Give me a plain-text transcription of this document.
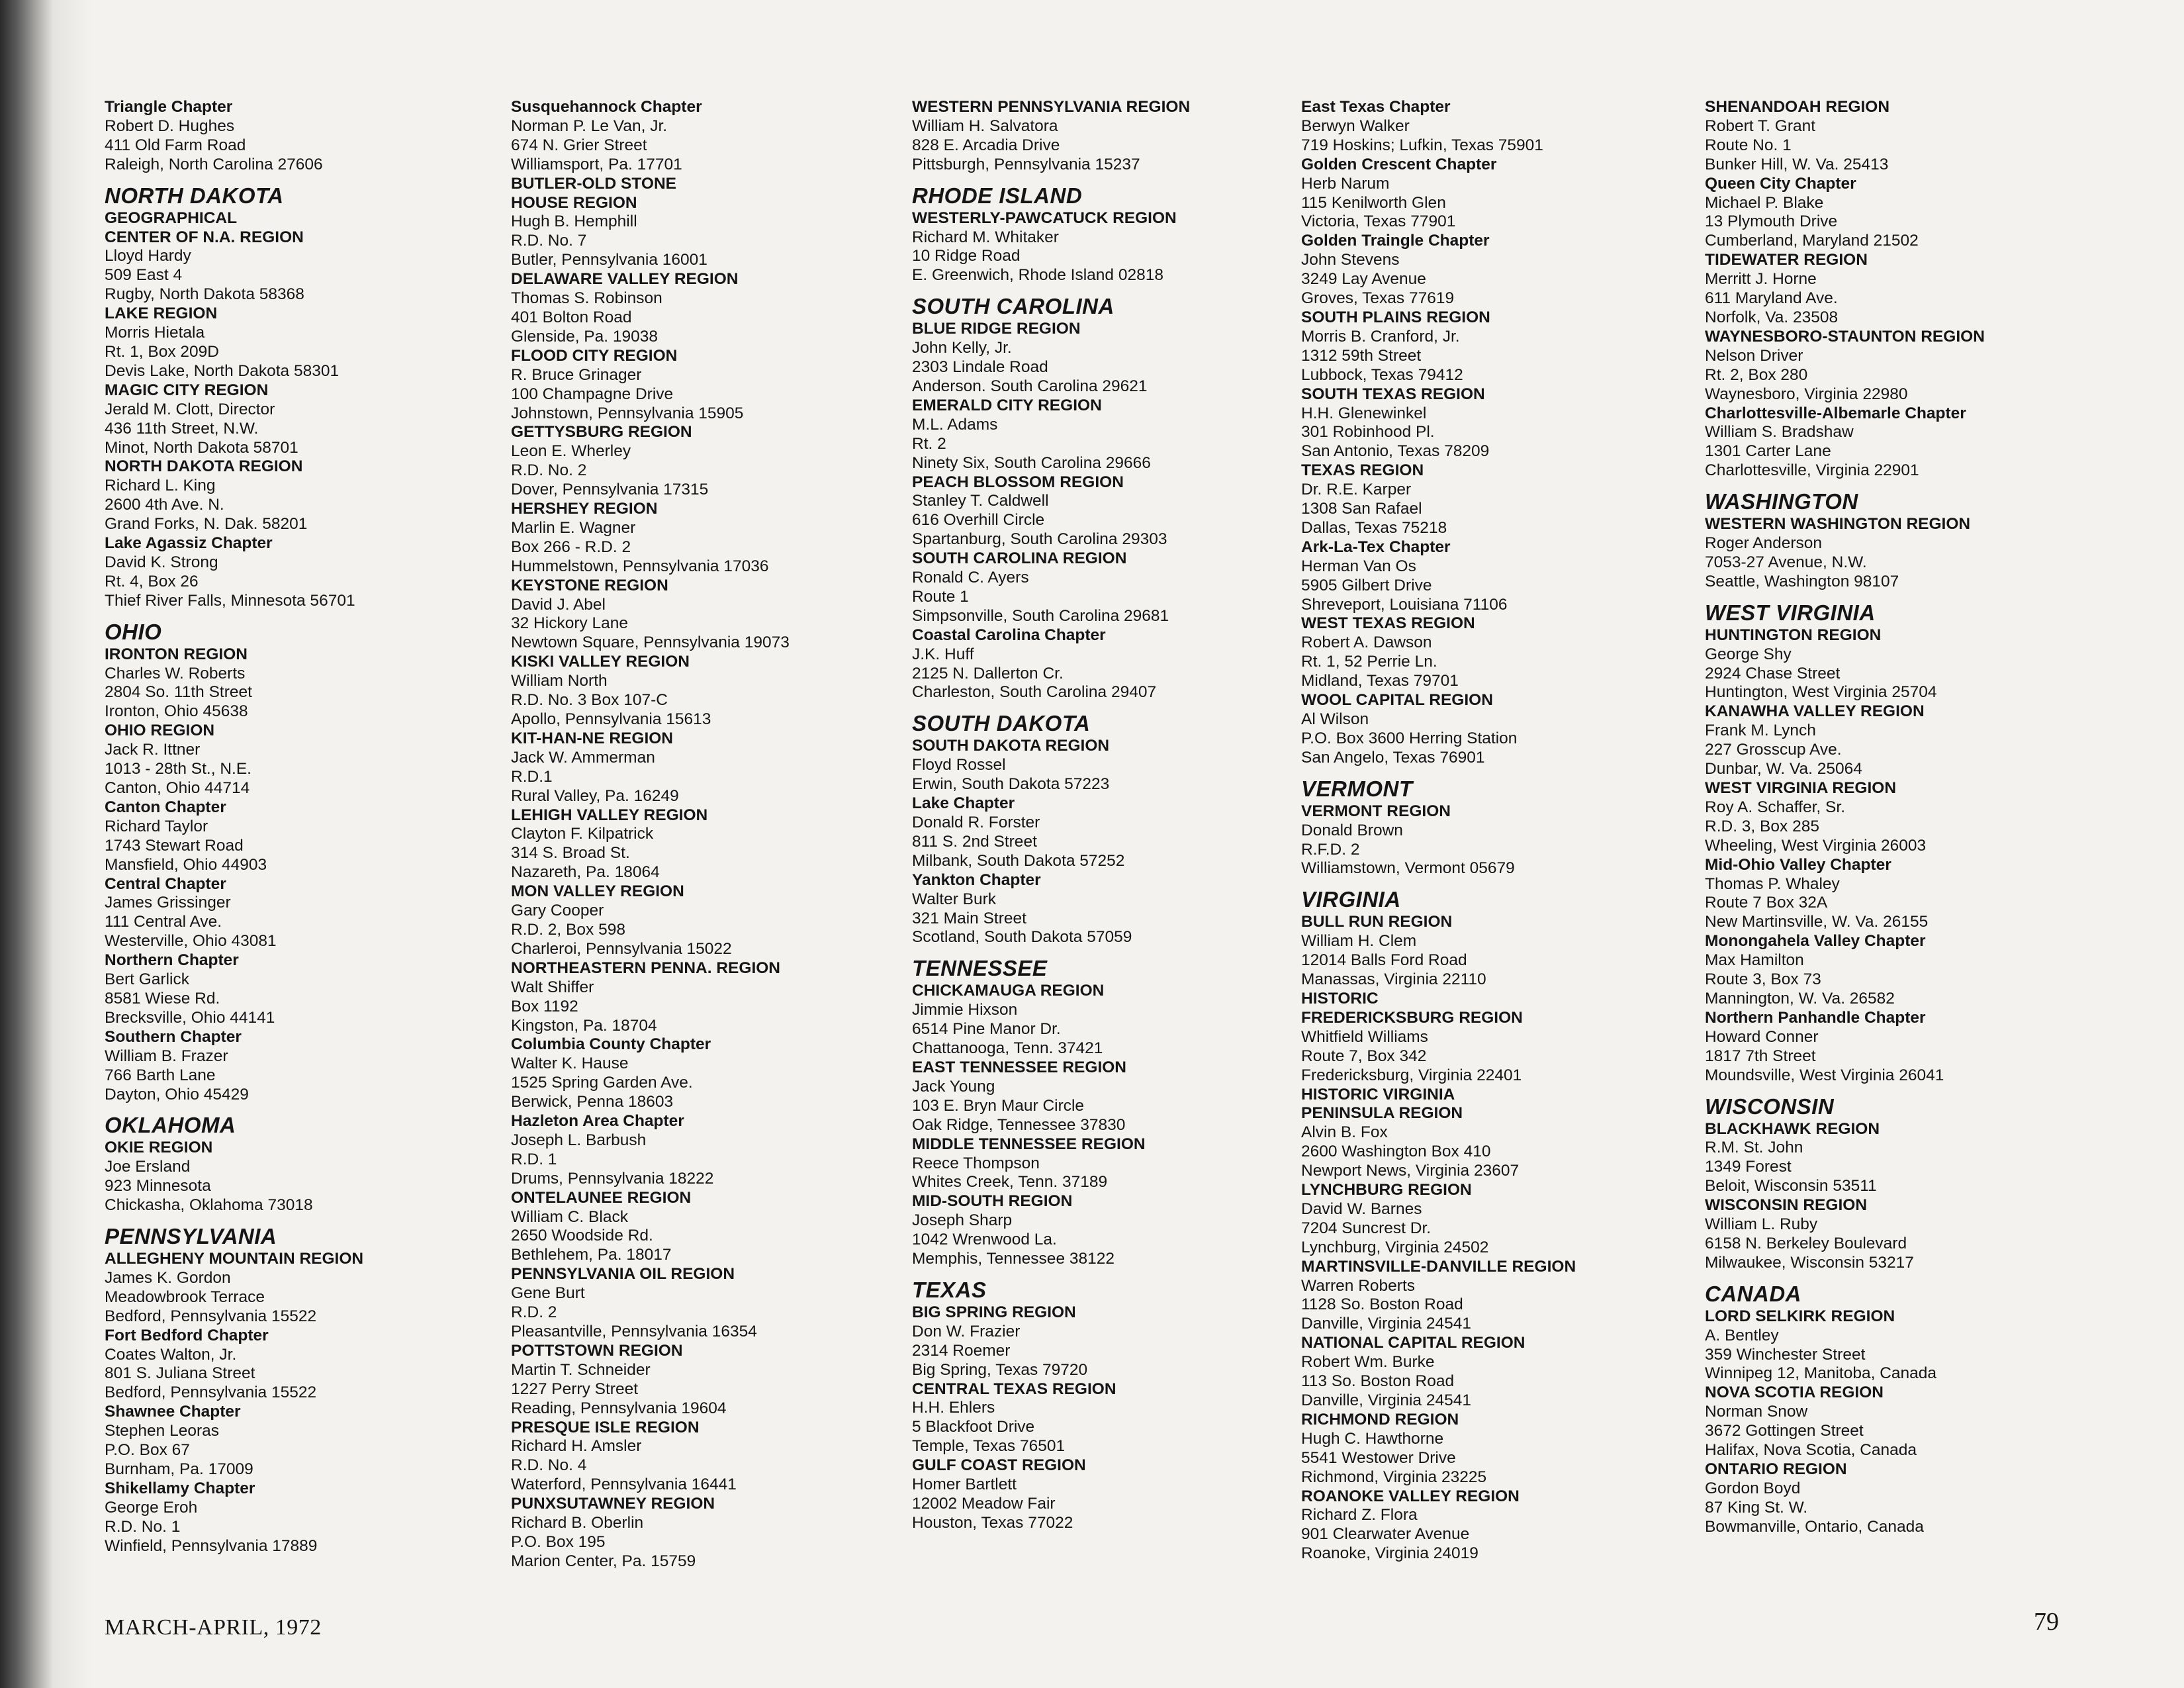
Triangle Chapter
Robert D. Hughes
411 Old Farm Road
Raleigh, North Carolina 27606
NORTH DAKOTA
GEOGRAPHICAL
CENTER OF N.A. REGION
Lloyd Hardy
509 East 4
Rugby, North Dakota 58368
LAKE REGION
Morris Hietala
Rt. 1, Box 209D
Devis Lake, North Dakota 58301
MAGIC CITY REGION
Jerald M. Clott, Director
436 11th Street, N.W.
Minot, North Dakota 58701
NORTH DAKOTA REGION
Richard L. King
2600 4th Ave. N.
Grand Forks, N. Dak. 58201
Lake Agassiz Chapter
David K. Strong
Rt. 4, Box 26
Thief River Falls, Minnesota 56701
OHIO
IRONTON REGION
Charles W. Roberts
2804 So. 11th Street
Ironton, Ohio 45638
OHIO REGION
Jack R. Ittner
1013 - 28th St., N.E.
Canton, Ohio 44714
Canton Chapter
Richard Taylor
1743 Stewart Road
Mansfield, Ohio 44903
Central Chapter
James Grissinger
111 Central Ave.
Westerville, Ohio 43081
Northern Chapter
Bert Garlick
8581 Wiese Rd.
Brecksville, Ohio 44141
Southern Chapter
William B. Frazer
766 Barth Lane
Dayton, Ohio 45429
OKLAHOMA
OKIE REGION
Joe Ersland
923 Minnesota
Chickasha, Oklahoma 73018
PENNSYLVANIA
ALLEGHENY MOUNTAIN REGION
James K. Gordon
Meadowbrook Terrace
Bedford, Pennsylvania 15522
Fort Bedford Chapter
Coates Walton, Jr.
801 S. Juliana Street
Bedford, Pennsylvania 15522
Shawnee Chapter
Stephen Leoras
P.O. Box 67
Burnham, Pa. 17009
Shikellamy Chapter
George Eroh
R.D. No. 1
Winfield, Pennsylvania 17889
Susquehannock Chapter
Norman P. Le Van, Jr.
674 N. Grier Street
Williamsport, Pa. 17701
BUTLER-OLD STONE
HOUSE REGION
Hugh B. Hemphill
R.D. No. 7
Butler, Pennsylvania 16001
DELAWARE VALLEY REGION
Thomas S. Robinson
401 Bolton Road
Glenside, Pa. 19038
FLOOD CITY REGION
R. Bruce Grinager
100 Champagne Drive
Johnstown, Pennsylvania 15905
GETTYSBURG REGION
Leon E. Wherley
R.D. No. 2
Dover, Pennsylvania 17315
HERSHEY REGION
Marlin E. Wagner
Box 266 - R.D. 2
Hummelstown, Pennsylvania 17036
KEYSTONE REGION
David J. Abel
32 Hickory Lane
Newtown Square, Pennsylvania 19073
KISKI VALLEY REGION
William North
R.D. No. 3 Box 107-C
Apollo, Pennsylvania 15613
KIT-HAN-NE REGION
Jack W. Ammerman
R.D.1
Rural Valley, Pa. 16249
LEHIGH VALLEY REGION
Clayton F. Kilpatrick
314 S. Broad St.
Nazareth, Pa. 18064
MON VALLEY REGION
Gary Cooper
R.D. 2, Box 598
Charleroi, Pennsylvania 15022
NORTHEASTERN PENNA. REGION
Walt Shiffer
Box 1192
Kingston, Pa. 18704
Columbia County Chapter
Walter K. Hause
1525 Spring Garden Ave.
Berwick, Penna 18603
Hazleton Area Chapter
Joseph L. Barbush
R.D. 1
Drums, Pennsylvania 18222
ONTELAUNEE REGION
William C. Black
2650 Woodside Rd.
Bethlehem, Pa. 18017
PENNSYLVANIA OIL REGION
Gene Burt
R.D. 2
Pleasantville, Pennsylvania 16354
POTTSTOWN REGION
Martin T. Schneider
1227 Perry Street
Reading, Pennsylvania 19604
PRESQUE ISLE REGION
Richard H. Amsler
R.D. No. 4
Waterford, Pennsylvania 16441
PUNXSUTAWNEY REGION
Richard B. Oberlin
P.O. Box 195
Marion Center, Pa. 15759
WESTERN PENNSYLVANIA REGION
William H. Salvatora
828 E. Arcadia Drive
Pittsburgh, Pennsylvania 15237
RHODE ISLAND
WESTERLY-PAWCATUCK REGION
Richard M. Whitaker
10 Ridge Road
E. Greenwich, Rhode Island 02818
SOUTH CAROLINA
BLUE RIDGE REGION
John Kelly, Jr.
2303 Lindale Road
Anderson. South Carolina 29621
EMERALD CITY REGION
M.L. Adams
Rt. 2
Ninety Six, South Carolina 29666
PEACH BLOSSOM REGION
Stanley T. Caldwell
616 Overhill Circle
Spartanburg, South Carolina 29303
SOUTH CAROLINA REGION
Ronald C. Ayers
Route 1
Simpsonville, South Carolina 29681
Coastal Carolina Chapter
J.K. Huff
2125 N. Dallerton Cr.
Charleston, South Carolina 29407
SOUTH DAKOTA
SOUTH DAKOTA REGION
Floyd Rossel
Erwin, South Dakota 57223
Lake Chapter
Donald R. Forster
811 S. 2nd Street
Milbank, South Dakota 57252
Yankton Chapter
Walter Burk
321 Main Street
Scotland, South Dakota 57059
TENNESSEE
CHICKAMAUGA REGION
Jimmie Hixson
6514 Pine Manor Dr.
Chattanooga, Tenn. 37421
EAST TENNESSEE REGION
Jack Young
103 E. Bryn Maur Circle
Oak Ridge, Tennessee 37830
MIDDLE TENNESSEE REGION
Reece Thompson
Whites Creek, Tenn. 37189
MID-SOUTH REGION
Joseph Sharp
1042 Wrenwood La.
Memphis, Tennessee 38122
TEXAS
BIG SPRING REGION
Don W. Frazier
2314 Roemer
Big Spring, Texas 79720
CENTRAL TEXAS REGION
H.H. Ehlers
5 Blackfoot Drive
Temple, Texas 76501
GULF COAST REGION
Homer Bartlett
12002 Meadow Fair
Houston, Texas 77022
East Texas Chapter
Berwyn Walker
719 Hoskins; Lufkin, Texas 75901
Golden Crescent Chapter
Herb Narum
115 Kenilworth Glen
Victoria, Texas 77901
Golden Traingle Chapter
John Stevens
3249 Lay Avenue
Groves, Texas 77619
SOUTH PLAINS REGION
Morris B. Cranford, Jr.
1312 59th Street
Lubbock, Texas 79412
SOUTH TEXAS REGION
H.H. Glenewinkel
301 Robinhood Pl.
San Antonio, Texas 78209
TEXAS REGION
Dr. R.E. Karper
1308 San Rafael
Dallas, Texas 75218
Ark-La-Tex Chapter
Herman Van Os
5905 Gilbert Drive
Shreveport, Louisiana 71106
WEST TEXAS REGION
Robert A. Dawson
Rt. 1, 52 Perrie Ln.
Midland, Texas 79701
WOOL CAPITAL REGION
Al Wilson
P.O. Box 3600 Herring Station
San Angelo, Texas 76901
VERMONT
VERMONT REGION
Donald Brown
R.F.D. 2
Williamstown, Vermont 05679
VIRGINIA
BULL RUN REGION
William H. Clem
12014 Balls Ford Road
Manassas, Virginia 22110
HISTORIC
FREDERICKSBURG REGION
Whitfield Williams
Route 7, Box 342
Fredericksburg, Virginia 22401
HISTORIC VIRGINIA
PENINSULA REGION
Alvin B. Fox
2600 Washington Box 410
Newport News, Virginia 23607
LYNCHBURG REGION
David W. Barnes
7204 Suncrest Dr.
Lynchburg, Virginia 24502
MARTINSVILLE-DANVILLE REGION
Warren Roberts
1128 So. Boston Road
Danville, Virginia 24541
NATIONAL CAPITAL REGION
Robert Wm. Burke
113 So. Boston Road
Danville, Virginia 24541
RICHMOND REGION
Hugh C. Hawthorne
5541 Westower Drive
Richmond, Virginia 23225
ROANOKE VALLEY REGION
Richard Z. Flora
901 Clearwater Avenue
Roanoke, Virginia 24019
SHENANDOAH REGION
Robert T. Grant
Route No. 1
Bunker Hill, W. Va. 25413
Queen City Chapter
Michael P. Blake
13 Plymouth Drive
Cumberland, Maryland 21502
TIDEWATER REGION
Merritt J. Horne
611 Maryland Ave.
Norfolk, Va. 23508
WAYNESBORO-STAUNTON REGION
Nelson Driver
Rt. 2, Box 280
Waynesboro, Virginia 22980
Charlottesville-Albemarle Chapter
William S. Bradshaw
1301 Carter Lane
Charlottesville, Virginia 22901
WASHINGTON
WESTERN WASHINGTON REGION
Roger Anderson
7053-27 Avenue, N.W.
Seattle, Washington 98107
WEST VIRGINIA
HUNTINGTON REGION
George Shy
2924 Chase Street
Huntington, West Virginia 25704
KANAWHA VALLEY REGION
Frank M. Lynch
227 Grosscup Ave.
Dunbar, W. Va. 25064
WEST VIRGINIA REGION
Roy A. Schaffer, Sr.
R.D. 3, Box 285
Wheeling, West Virginia 26003
Mid-Ohio Valley Chapter
Thomas P. Whaley
Route 7 Box 32A
New Martinsville, W. Va. 26155
Monongahela Valley Chapter
Max Hamilton
Route 3, Box 73
Mannington, W. Va. 26582
Northern Panhandle Chapter
Howard Conner
1817 7th Street
Moundsville, West Virginia 26041
WISCONSIN
BLACKHAWK REGION
R.M. St. John
1349 Forest
Beloit, Wisconsin 53511
WISCONSIN REGION
William L. Ruby
6158 N. Berkeley Boulevard
Milwaukee, Wisconsin 53217
CANADA
LORD SELKIRK REGION
A. Bentley
359 Winchester Street
Winnipeg 12, Manitoba, Canada
NOVA SCOTIA REGION
Norman Snow
3672 Gottingen Street
Halifax, Nova Scotia, Canada
ONTARIO REGION
Gordon Boyd
87 King St. W.
Bowmanville, Ontario, Canada
MARCH-APRIL, 1972	79
